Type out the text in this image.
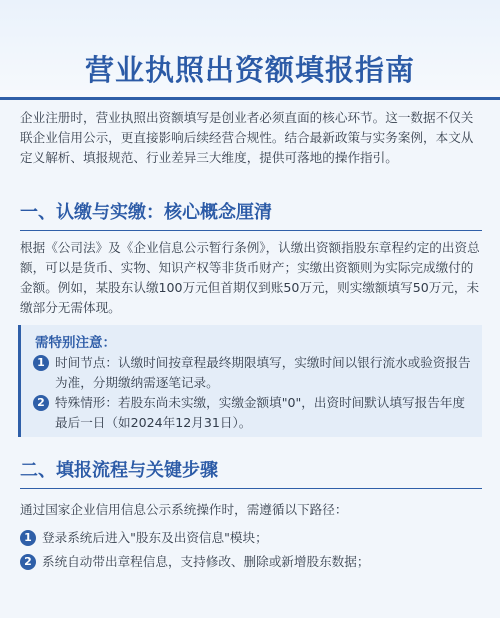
营业执照出资额填报指南

企业注册时，营业执照出资额填写是创业者必须直面的核心环节。这一数据不仅关联企业信用公示，更直接影响后续经营合规性。结合最新政策与实务案例，本文从定义解析、填报规范、行业差异三大维度，提供可落地的操作指引。

一、认缴与实缴：核心概念厘清

根据《公司法》及《企业信息公示暂行条例》，认缴出资额指股东章程约定的出资总额，可以是货币、实物、知识产权等非货币财产；实缴出资额则为实际完成缴付的金额。例如，某股东认缴100万元但首期仅到账50万元，则实缴额填写50万元，未缴部分无需体现。

需特别注意：
1 时间节点：认缴时间按章程最终期限填写，实缴时间以银行流水或验资报告为准，分期缴纳需逐笔记录。
2 特殊情形：若股东尚未实缴，实缴金额填"0"，出资时间默认填写报告年度最后一日（如2024年12月31日）。
二、填报流程与关键步骤

通过国家企业信用信息公示系统操作时，需遵循以下路径：

1 登录系统后进入"股东及出资信息"模块；
2 系统自动带出章程信息，支持修改、删除或新增股东数据；
